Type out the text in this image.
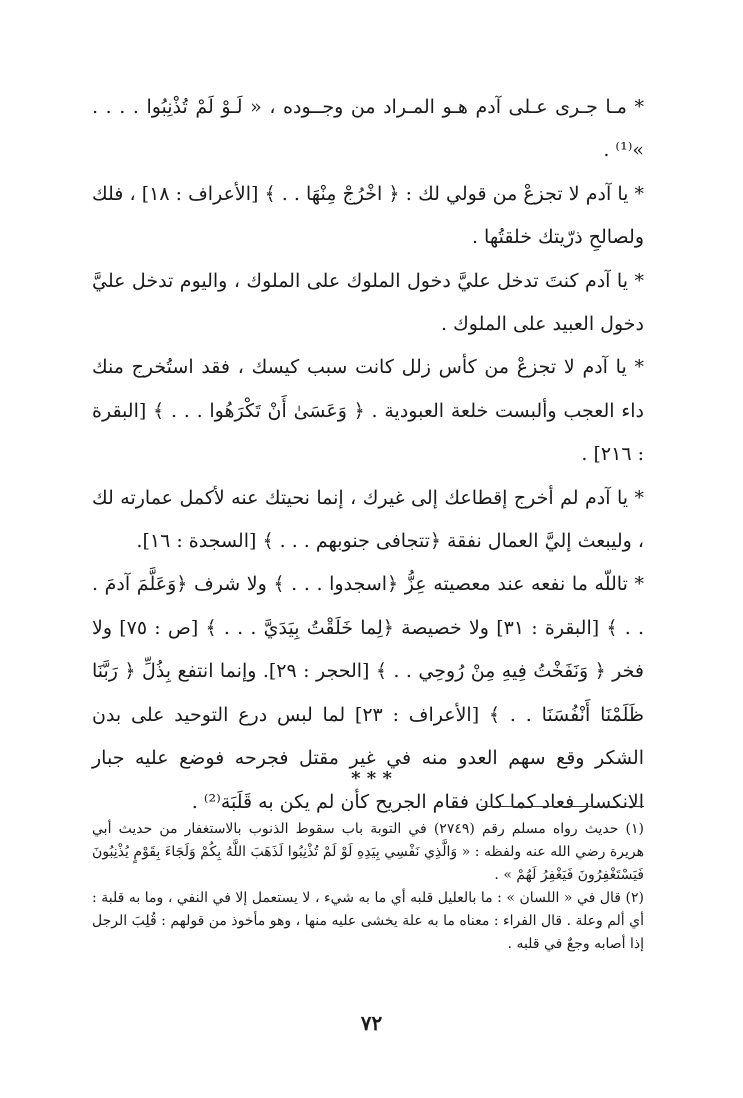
* مـا جـرى عـلى آدم هـو المـراد من وجــوده ، « لَـوْ لَمْ تُذْنِبُوا . . . . »⁽¹⁾ .

* يا آدم لا تجزعْ من قولي لك : ﴿ اخْرُجْ مِنْهَا . . ﴾ [الأعراف : ١٨] ، فلك ولصالحِ ذرّيتك خلقتُها .

* يا آدم كنتَ تدخل عليَّ دخول الملوك على الملوك ، واليوم تدخل عليَّ دخول العبيد على الملوك .

* يا آدم لا تجزعْ من كأس زلل كانت سبب كيسك ، فقد استُخرج منك داء العجب وألبست خلعة العبودية . ﴿ وَعَسَىٰ أَنْ تَكْرَهُوا . . . ﴾ [البقرة : ٢١٦] .

* يا آدم لم أخرج إقطاعك إلى غيرك ، إنما نحيتك عنه لأكمل عمارته لك ، وليبعث إليَّ العمال نفقة ﴿تتجافى جنوبهم . . . ﴾ [السجدة : ١٦].

* تاللّه ما نفعه عند معصيته عِزُّ ﴿اسجدوا . . . ﴾ ولا شرف ﴿وَعَلَّمَ آدمَ . . . ﴾ [البقرة : ٣١] ولا خصيصة ﴿لِما خَلَقْتُ بِيَدَيَّ . . . ﴾ [ص : ٧٥] ولا فخر ﴿ وَنَفَخْتُ فِيهِ مِنْ رُوحِي . . ﴾ [الحجر : ٢٩]. وإنما انتفع بِذُلِّ ﴿ رَبَّنَا ظَلَمْنَا أَنْفُسَنَا . . ﴾ [الأعراف : ٢٣] لما لبس درع التوحيد على بدن الشكر وقع سهم العدو منه في غير مقتل فجرحه فوضع عليه جبار الانكسار فعاد كما كان فقام الجريح كأن لم يكن به قَلَبَة⁽²⁾ .

* * *

(١) حديث رواه مسلم رقم (٢٧٤٩) في التوبة باب سقوط الذنوب بالاستغفار من حديث أبي هريرة رضي الله عنه ولفظه : « وَالَّذِي نَفْسِي بِيَدِهِ لَوْ لَمْ تُذْنِبُوا لَذَهَبَ اللَّهُ بِكُمْ وَلَجَاءَ بِقَوْمٍ يُذْنِبُونَ فَيَسْتَغْفِرُونَ فَيَغْفِرُ لَهُمْ » .

(٢) قال في « اللسان » : ما بالعليل قلبه أي ما به شيء ، لا يستعمل إلا في النفي ، وما به قلبة : أي ألم وعلة . قال الفراء : معناه ما به علة يخشى عليه منها ، وهو مأخوذ من قولهم : قُلِبَ الرجل إذا أصابه وجعٌ في قلبه .

٧٢
